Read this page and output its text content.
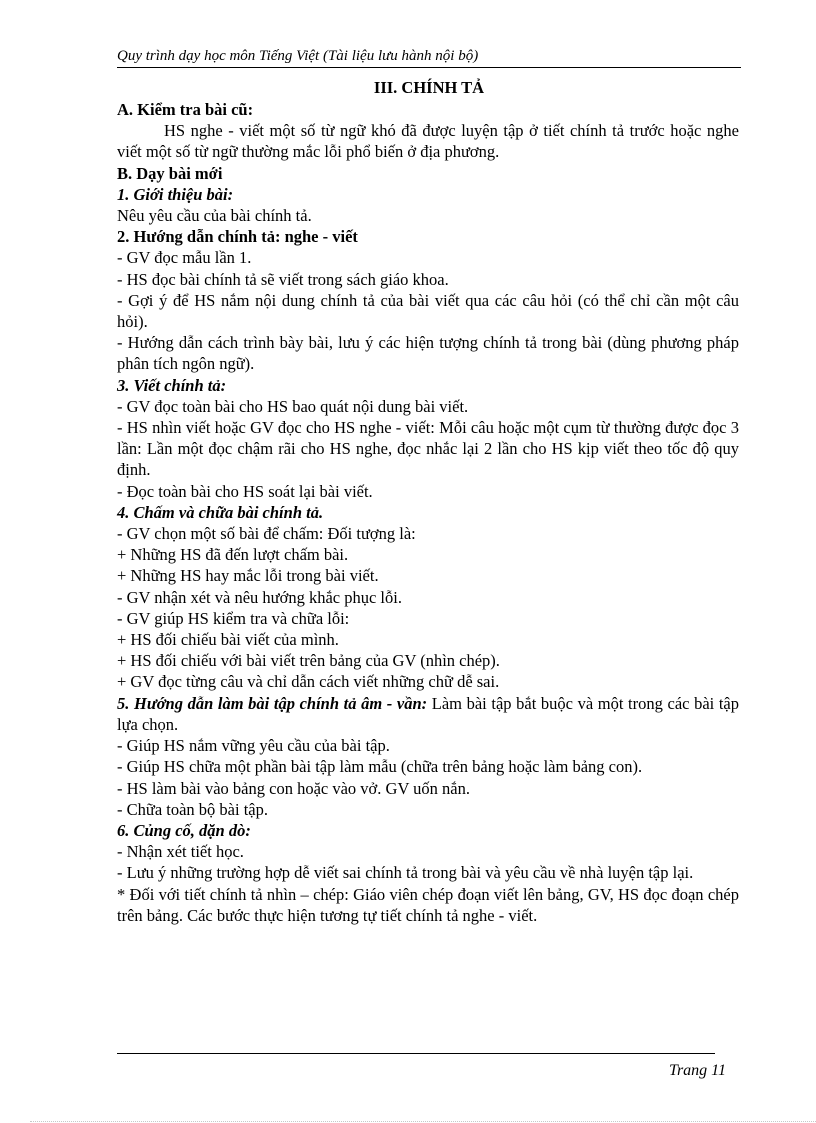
Quy trình dạy học môn Tiếng Việt (Tài liệu lưu hành nội bộ)
III. CHÍNH TẢ

A. Kiểm tra bài cũ:

HS nghe - viết một số từ ngữ khó đã được luyện tập ở tiết chính tả trước hoặc nghe viết một số từ ngữ thường mắc lỗi phổ biến ở địa phương.

B. Dạy bài mới

1. Giới thiệu bài:

Nêu yêu cầu của bài chính tả.

2. Hướng dẫn chính tả: nghe - viết

- GV đọc mẫu lần 1.

- HS đọc bài chính tả sẽ viết trong sách giáo khoa.

- Gợi ý để HS nắm nội dung chính tả của bài viết qua các câu hỏi (có thể chỉ cần một câu hỏi).

- Hướng dẫn cách trình bày bài, lưu ý các hiện tượng chính tả trong bài (dùng phương pháp phân tích ngôn ngữ).

3. Viết chính tả:

- GV đọc toàn bài cho HS bao quát nội dung bài viết.

- HS nhìn viết hoặc GV đọc cho HS nghe - viết: Mỗi câu hoặc một cụm từ thường được đọc 3 lần: Lần một đọc chậm rãi cho HS nghe, đọc nhắc lại 2 lần cho HS kịp viết theo tốc độ quy định.

- Đọc toàn bài cho HS soát lại bài viết.

4. Chấm và chữa bài chính tả.

- GV chọn một số bài để chấm: Đối tượng là:

+ Những HS đã đến lượt chấm bài.

+ Những HS hay mắc lỗi trong bài viết.

- GV nhận xét và nêu hướng khắc phục lỗi.

- GV giúp HS kiểm tra và chữa lỗi:

+ HS đối chiếu bài viết của mình.

+ HS đối chiếu với bài viết trên bảng của GV (nhìn chép).

+ GV đọc từng câu và chỉ dẫn cách viết những chữ dễ sai.

5. Hướng dẫn làm bài tập chính tả âm - vần: Làm bài tập bắt buộc và một trong các bài tập lựa chọn.

- Giúp HS nắm vững yêu cầu của bài tập.

- Giúp HS chữa một phần bài tập làm mẫu (chữa trên bảng hoặc làm bảng con).

- HS làm bài vào bảng con hoặc vào vở. GV uốn nắn.

- Chữa toàn bộ bài tập.

6. Củng cố, dặn dò:

- Nhận xét tiết học.

- Lưu ý những trường hợp dễ viết sai chính tả trong bài và yêu cầu về nhà luyện tập lại.

* Đối với tiết chính tả nhìn – chép: Giáo viên chép đoạn viết lên bảng, GV, HS đọc đoạn chép trên bảng. Các bước thực hiện tương tự tiết chính tả nghe - viết.

Trang 11
